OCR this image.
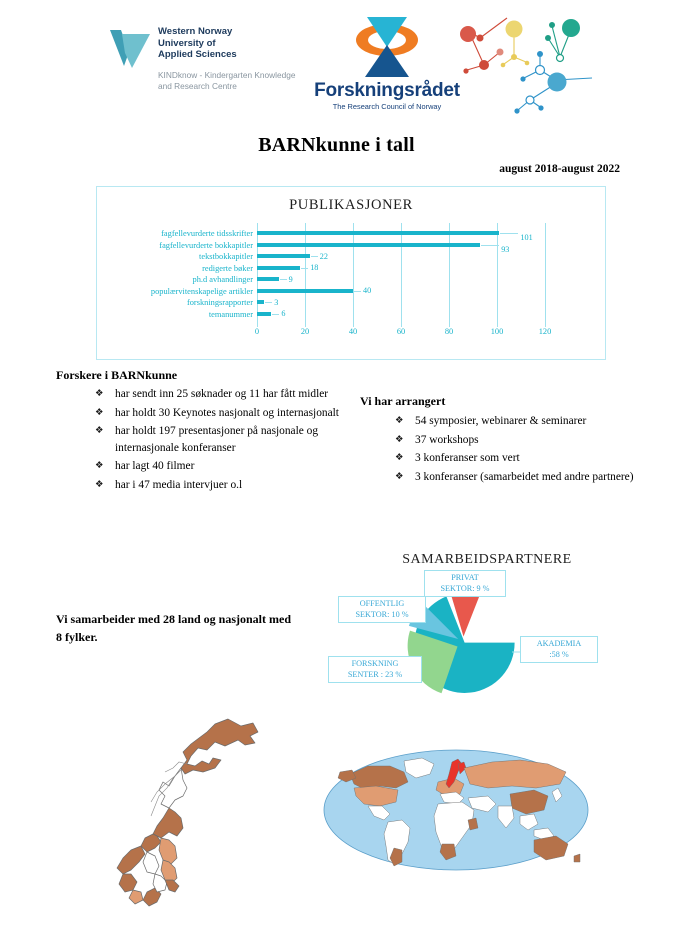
Western Norway
University of
Applied Sciences
KINDknow - Kindergarten Knowledge
and Research Centre	Forskningsrådet
The Research Council of Norway
BARNkunne i tall
august 2018-august 2022
PUBLIKASJONER
fagfellevurderte tidsskrifter
fagfellevurderte bokkapitler
tekstbokkapitler
redigerte bøker
ph.d avhandlinger
populærvitenskapelige artikler
forskningsrapporter
temanummer
101
93
22
18
9
40
3
6
0	20	40	60	80	100	120
Forskere i BARNkunne
❖ har sendt inn 25 søknader og 11 har fått midler
❖ har holdt 30 Keynotes nasjonalt og internasjonalt
❖ har holdt 197 presentasjoner på nasjonale og internasjonale konferanser
❖ har lagt 40 filmer
❖ har i 47 media intervjuer o.l
Vi har arrangert
❖ 54 symposier, webinarer & seminarer
❖ 37 workshops
❖ 3 konferanser som vert
❖ 3 konferanser (samarbeidet med andre partnere)
Vi samarbeider med 28 land og nasjonalt med 8 fylker.
SAMARBEIDSPARTNERE
AKADEMIA
:58 %
FORSKNING
SENTER : 23 %
OFFENTLIG
SEKTOR: 10 %
PRIVAT
SEKTOR: 9 %
